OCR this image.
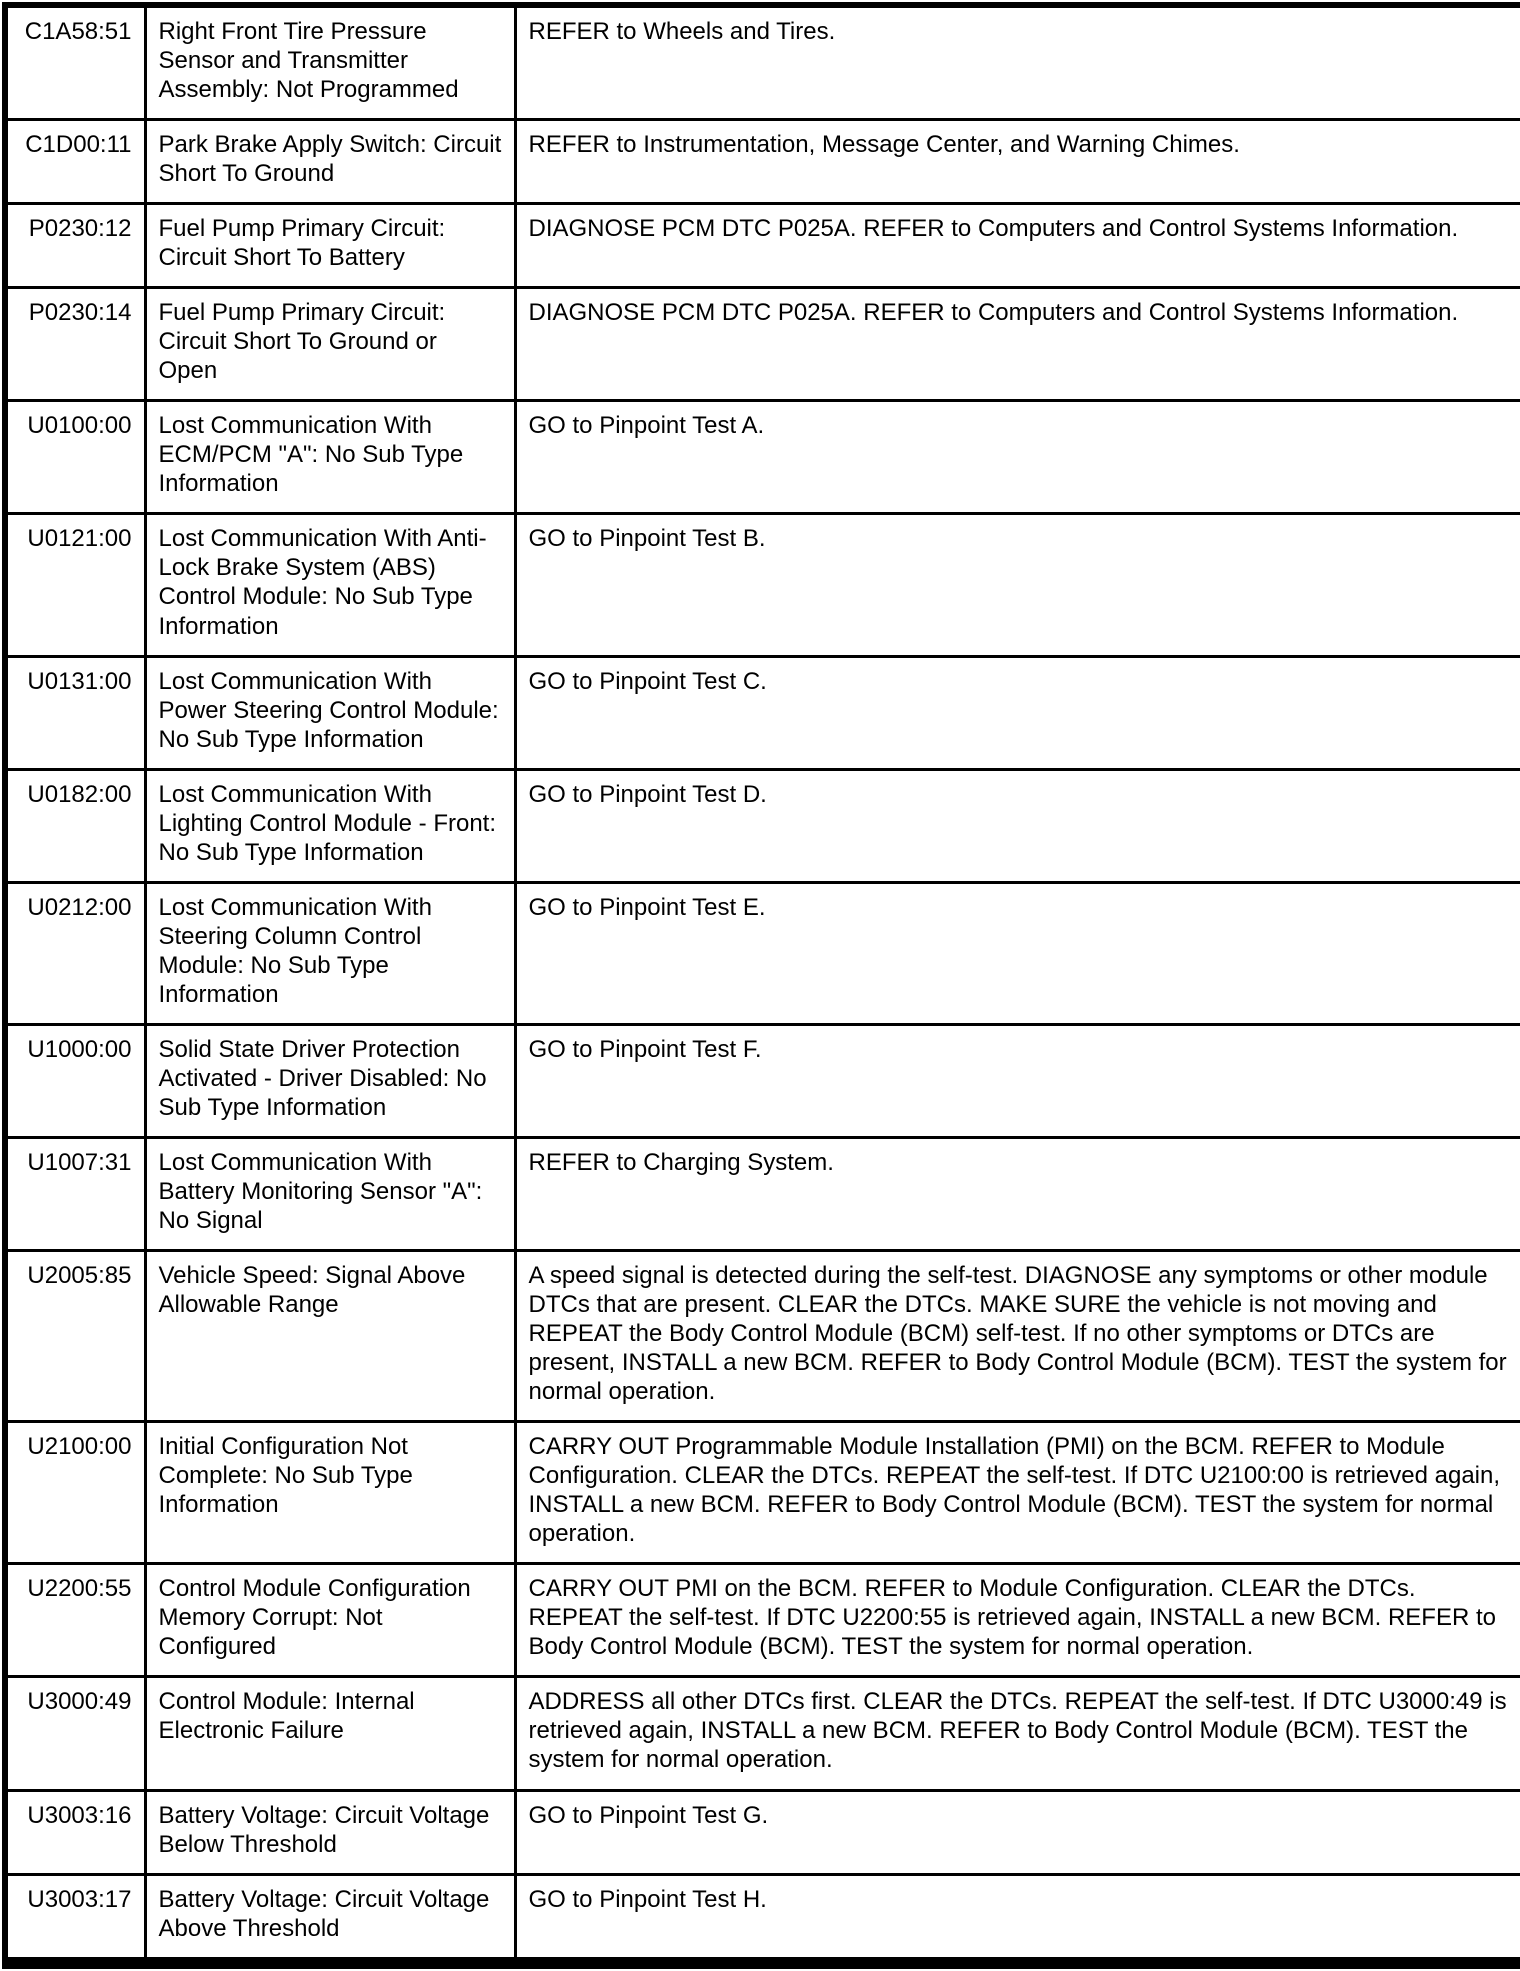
C1A58:51	Right Front Tire Pressure Sensor and Transmitter Assembly: Not Programmed	REFER to Wheels and Tires.
C1D00:11	Park Brake Apply Switch: Circuit Short To Ground	REFER to Instrumentation, Message Center, and Warning Chimes.
P0230:12	Fuel Pump Primary Circuit: Circuit Short To Battery	DIAGNOSE PCM DTC P025A. REFER to Computers and Control Systems Information.
P0230:14	Fuel Pump Primary Circuit: Circuit Short To Ground or Open	DIAGNOSE PCM DTC P025A. REFER to Computers and Control Systems Information.
U0100:00	Lost Communication With ECM/PCM "A": No Sub Type Information	GO to Pinpoint Test A.
U0121:00	Lost Communication With Anti-Lock Brake System (ABS) Control Module: No Sub Type Information	GO to Pinpoint Test B.
U0131:00	Lost Communication With Power Steering Control Module: No Sub Type Information	GO to Pinpoint Test C.
U0182:00	Lost Communication With Lighting Control Module - Front: No Sub Type Information	GO to Pinpoint Test D.
U0212:00	Lost Communication With Steering Column Control Module: No Sub Type Information	GO to Pinpoint Test E.
U1000:00	Solid State Driver Protection Activated - Driver Disabled: No Sub Type Information	GO to Pinpoint Test F.
U1007:31	Lost Communication With Battery Monitoring Sensor "A": No Signal	REFER to Charging System.
U2005:85	Vehicle Speed: Signal Above Allowable Range	A speed signal is detected during the self-test. DIAGNOSE any symptoms or other module DTCs that are present. CLEAR the DTCs. MAKE SURE the vehicle is not moving and REPEAT the Body Control Module (BCM) self-test. If no other symptoms or DTCs are present, INSTALL a new BCM. REFER to Body Control Module (BCM). TEST the system for normal operation.
U2100:00	Initial Configuration Not Complete: No Sub Type Information	CARRY OUT Programmable Module Installation (PMI) on the BCM. REFER to Module Configuration. CLEAR the DTCs. REPEAT the self-test. If DTC U2100:00 is retrieved again, INSTALL a new BCM. REFER to Body Control Module (BCM). TEST the system for normal operation.
U2200:55	Control Module Configuration Memory Corrupt: Not Configured	CARRY OUT PMI on the BCM. REFER to Module Configuration. CLEAR the DTCs. REPEAT the self-test. If DTC U2200:55 is retrieved again, INSTALL a new BCM. REFER to Body Control Module (BCM). TEST the system for normal operation.
U3000:49	Control Module: Internal Electronic Failure	ADDRESS all other DTCs first. CLEAR the DTCs. REPEAT the self-test. If DTC U3000:49 is retrieved again, INSTALL a new BCM. REFER to Body Control Module (BCM). TEST the system for normal operation.
U3003:16	Battery Voltage: Circuit Voltage Below Threshold	GO to Pinpoint Test G.
U3003:17	Battery Voltage: Circuit Voltage Above Threshold	GO to Pinpoint Test H.
